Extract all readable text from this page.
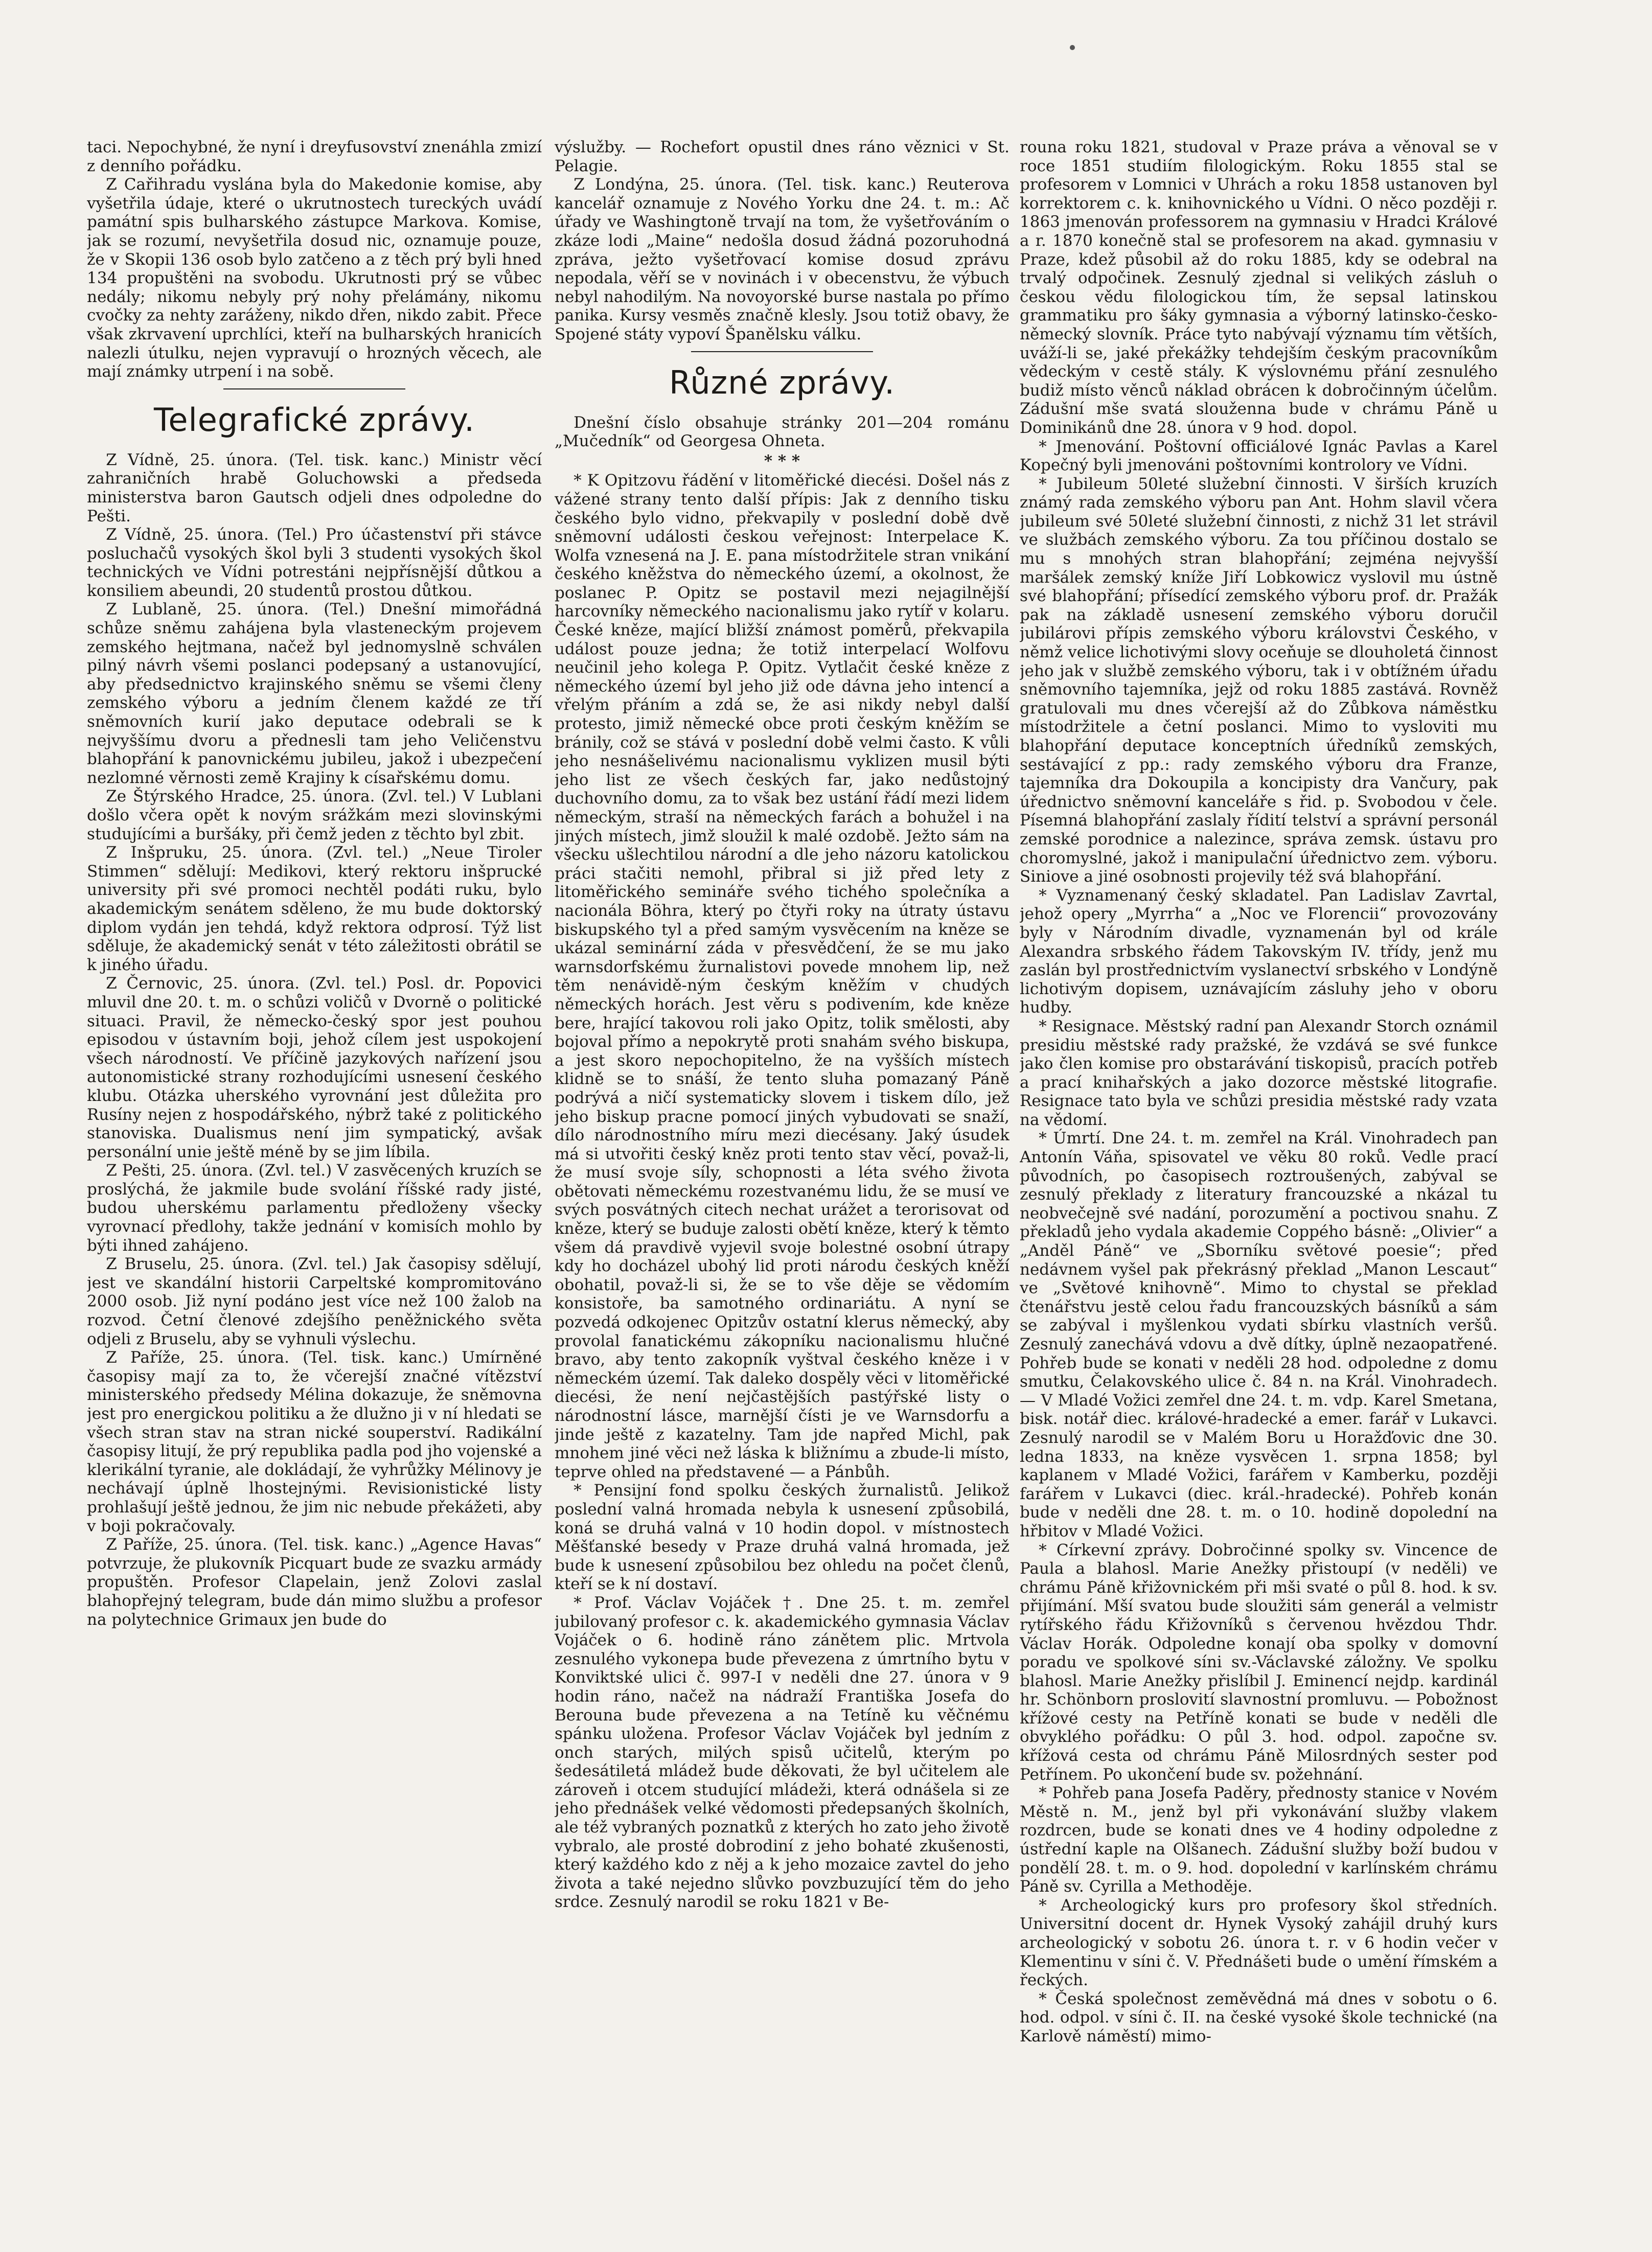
taci. Nepochybné, že nyní i dreyfusovství znenáhla zmizí z denního pořádku.

Z Cařihradu vyslána byla do Makedonie komise, aby vyšetřila údaje, které o ukrutnostech tureckých uvádí památní spis bulharského zástupce Markova. Komise, jak se rozumí, nevyšetřila dosud nic, oznamuje pouze, že v Skopii 136 osob bylo zatčeno a z těch prý byli hned 134 propuštěni na svobodu. Ukrutnosti prý se vůbec nedály; nikomu nebyly prý nohy přelámány, nikomu cvočky za nehty zaráženy, nikdo dřen, nikdo zabit. Přece však zkrvavení uprchlíci, kteří na bulharských hranicích nalezli útulku, nejen vypravují o hrozných věcech, ale mají známky utrpení i na sobě.

Telegrafické zprávy.

Z Vídně, 25. února. (Tel. tisk. kanc.) Ministr věcí zahraničních hrabě Goluchowski a předseda ministerstva baron Gautsch odjeli dnes odpoledne do Pešti.

Z Vídně, 25. února. (Tel.) Pro účastenství při stávce posluchačů vysokých škol byli 3 studenti vysokých škol technických ve Vídni potrestáni nejpřísnější důtkou a konsiliem abeundi, 20 studentů prostou důtkou.

Z Lublaně, 25. února. (Tel.) Dnešní mimořádná schůze sněmu zahájena byla vlasteneckým projevem zemského hejtmana, načež byl jednomyslně schválen pilný návrh všemi poslanci podepsaný a ustanovující, aby předsednictvo krajinského sněmu se všemi členy zemského výboru a jedním členem každé ze tří sněmovních kurií jako deputace odebrali se k nejvyššímu dvoru a přednesli tam jeho Veličenstvu blahopřání k panovnickému jubileu, jakož i ubezpečení nezlomné věrnosti země Krajiny k císařskému domu.

Ze Štýrského Hradce, 25. února. (Zvl. tel.) V Lublani došlo včera opět k novým srážkám mezi slovinskými studujícími a buršáky, při čemž jeden z těchto byl zbit.

Z Inšpruku, 25. února. (Zvl. tel.) „Neue Tiroler Stimmen“ sdělují: Medikovi, který rektoru inšprucké university při své promoci nechtěl podáti ruku, bylo akademickým senátem sděleno, že mu bude doktorský diplom vydán jen tehdá, když rektora odprosí. Týž list sděluje, že akademický senát v této záležitosti obrátil se k jiného úřadu.

Z Černovic, 25. února. (Zvl. tel.) Posl. dr. Popovici mluvil dne 20. t. m. o schůzi voličů v Dvorně o politické situaci. Pravil, že německo-český spor jest pouhou episodou v ústavním boji, jehož cílem jest uspokojení všech národností. Ve příčině jazykových nařízení jsou autonomistické strany rozhodujícími usnesení českého klubu. Otázka uherského vyrovnání jest důležita pro Rusíny nejen z hospodářského, nýbrž také z politického stanoviska. Dualismus není jim sympatický, avšak personální unie ještě méně by se jim líbila.

Z Pešti, 25. února. (Zvl. tel.) V zasvěcených kruzích se proslýchá, že jakmile bude svolání říšské rady jisté, budou uherskému parlamentu předloženy všecky vyrovnací předlohy, takže jednání v komisích mohlo by býti ihned zahájeno.

Z Bruselu, 25. února. (Zvl. tel.) Jak časopisy sdělují, jest ve skandální historii Carpeltské kompromitováno 2000 osob. Již nyní podáno jest více než 100 žalob na rozvod. Četní členové zdejšího peněžnického světa odjeli z Bruselu, aby se vyhnuli výslechu.

Z Paříže, 25. února. (Tel. tisk. kanc.) Umírněné časopisy mají za to, že včerejší značné vítězství ministerského předsedy Mélina dokazuje, že sněmovna jest pro energickou politiku a že dlužno ji v ní hledati se všech stran stav na stran nické souperství. Radikální časopisy litují, že prý republika padla pod jho vojenské a klerikální tyranie, ale dokládají, že vyhrůžky Mélinovy je nechávají úplně lhostejnými. Revisionistické listy prohlašují ještě jednou, že jim nic nebude překážeti, aby v boji pokračovaly.

Z Paříže, 25. února. (Tel. tisk. kanc.) „Agence Havas“ potvrzuje, že plukovník Picquart bude ze svazku armády propuštěn. Profesor Clapelain, jenž Zolovi zaslal blahopřejný telegram, bude dán mimo službu a profesor na polytechnice Grimaux jen bude do

výslužby. — Rochefort opustil dnes ráno věznici v St. Pelagie.

Z Londýna, 25. února. (Tel. tisk. kanc.) Reuterova kancelář oznamuje z Nového Yorku dne 24. t. m.: Ač úřady ve Washingtoně trvají na tom, že vyšetřováním o zkáze lodi „Maine“ nedošla dosud žádná pozoruhodná zpráva, ježto vyšetřovací komise dosud zprávu nepodala, věří se v novinách i v obecenstvu, že výbuch nebyl nahodilým. Na novoyorské burse nastala po přímo panika. Kursy vesměs značně klesly. Jsou totiž obavy, že Spojené státy vypoví Španělsku válku.

Různé zprávy.

Dnešní číslo obsahuje stránky 201—204 románu „Mučedník“ od Georgesa Ohneta.

* * *

* K Opitzovu řádění v litoměřické diecési. Došel nás z vážené strany tento další přípis: Jak z denního tisku českého bylo vidno, překvapily v poslední době dvě sněmovní události českou veřejnost: Interpelace K. Wolfa vznesená na J. E. pana místodržitele stran vnikání českého kněžstva do německého území, a okolnost, že poslanec P. Opitz se postavil mezi nejagilnější harcovníky německého nacionalismu jako rytíř v kolaru. České kněze, mající bližší známost poměrů, překvapila událost pouze jedna; že totiž interpelací Wolfovu neučinil jeho kolega P. Opitz. Vytlačit české kněze z německého území byl jeho již ode dávna jeho intencí a vřelým přáním a zdá se, že asi nikdy nebyl další protesto, jimiž německé obce proti českým kněžím se bránily, což se stává v poslední době velmi často. K vůli jeho nesnášelivému nacionalismu vyklizen musil býti jeho list ze všech českých far, jako nedůstojný duchovního domu, za to však bez ustání řádí mezi lidem německým, straší na německých farách a bohužel i na jiných místech, jimž sloužil k malé ozdobě. Ježto sám na všecku ušlechtilou národní a dle jeho názoru katolickou práci stačiti nemohl, přibral si již před lety z litoměřického semináře svého tichého společníka a nacionála Böhra, který po čtyři roky na útraty ústavu biskupského tyl a před samým vysvěcením na kněze se ukázal seminární záda v přesvědčení, že se mu jako warnsdorfskému žurnalistovi povede mnohem lip, než těm nenávidě-ným českým kněžím v chudých německých horách. Jest věru s podivením, kde kněze bere, hrající takovou roli jako Opitz, tolik smělosti, aby bojoval přímo a nepokrytě proti snahám svého biskupa, a jest skoro nepochopitelno, že na vyšších místech klidně se to snáší, že tento sluha pomazaný Páně podrývá a ničí systematicky slovem i tiskem dílo, jež jeho biskup pracne pomocí jiných vybudovati se snaží, dílo národnostního míru mezi diecésany. Jaký úsudek má si utvořiti český kněz proti tento stav věcí, považ-li, že musí svoje síly, schopnosti a léta svého života obětovati německému rozestvanému lidu, že se musí ve svých posvátných citech nechat urážet a terorisovat od kněze, který se buduje zalosti obětí kněze, který k těmto všem dá pravdivě vyjevil svoje bolestné osobní útrapy kdy ho docházel ubohý lid proti národu českých kněží obohatil, považ-li si, že se to vše děje se vědomím konsistoře, ba samotného ordinariátu. A nyní se pozvedá odkojenec Opitzův ostatní klerus německý, aby provolal fanatickému zákopníku nacionalismu hlučné bravo, aby tento zakopník vyštval českého kněze i v německém území. Tak daleko dospěly věci v litoměřické diecési, že není nejčastějších pastýřské listy o národnostní lásce, marnější čísti je ve Warnsdorfu a jinde ještě z kazatelny. Tam jde napřed Michl, pak mnohem jiné věci než láska k bližnímu a zbude-li místo, teprve ohled na představené — a Pánbůh.

* Pensijní fond spolku českých žurnalistů. Jelikož poslední valná hromada nebyla k usnesení způsobilá, koná se druhá valná v 10 hodin dopol. v místnostech Měšťanské besedy v Praze druhá valná hromada, jež bude k usnesení způsobilou bez ohledu na počet členů, kteří se k ní dostaví.

* Prof. Václav Vojáček †. Dne 25. t. m. zemřel jubilovaný profesor c. k. akademického gymnasia Václav Vojáček o 6. hodině ráno zánětem plic. Mrtvola zesnulého vykonepa bude převezena z úmrtního bytu v Konviktské ulici č. 997-I v neděli dne 27. února v 9 hodin ráno, načež na nádraží Františka Josefa do Berouna bude převezena a na Tetíně ku věčnému spánku uložena. Profesor Václav Vojáček byl jedním z onch starých, milých spisů učitelů, kterým po šedesátiletá mládež bude děkovati, že byl učitelem ale zároveň i otcem studující mládeži, která odnášela si ze jeho přednášek velké vědomosti předepsaných školních, ale též vybraných poznatků z kterých ho zato jeho životě vybralo, ale prosté dobrodiní z jeho bohaté zkušenosti, který každého kdo z něj a k jeho mozaice zavtel do jeho života a také nejedno slůvko povzbuzující těm do jeho srdce. Zesnulý narodil se roku 1821 v Be-

rouna roku 1821, studoval v Praze práva a věnoval se v roce 1851 studiím filologickým. Roku 1855 stal se profesorem v Lomnici v Uhrách a roku 1858 ustanoven byl korrektorem c. k. knihovnického u Vídni. O něco později r. 1863 jmenován professorem na gymnasiu v Hradci Králové a r. 1870 konečně stal se profesorem na akad. gymnasiu v Praze, kdež působil až do roku 1885, kdy se odebral na trvalý odpočinek. Zesnulý zjednal si velikých zásluh o českou vědu filologickou tím, že sepsal latinskou grammatiku pro šáky gymnasia a výborný latinsko-česko-německý slovník. Práce tyto nabývají významu tím větších, uváží-li se, jaké překážky tehdejším českým pracovníkům vědeckým v cestě stály. K výslovnému přání zesnulého budiž místo věnců náklad obrácen k dobročinným účelům. Zádušní mše svatá slouženna bude v chrámu Páně u Dominikánů dne 28. února v 9 hod. dopol.

* Jmenování. Poštovní officiálové Ignác Pavlas a Karel Kopečný byli jmenováni poštovními kontrolory ve Vídni.

* Jubileum 50leté služební činnosti. V širších kruzích známý rada zemského výboru pan Ant. Hohm slavil včera jubileum své 50leté služební činnosti, z nichž 31 let strávil ve službách zemského výboru. Za tou příčinou dostalo se mu s mnohých stran blahopřání; zejména nejvyšší maršálek zemský kníže Jiří Lobkowicz vyslovil mu ústně své blahopřání; přísedící zemského výboru prof. dr. Pražák pak na základě usnesení zemského výboru doručil jubilárovi přípis zemského výboru královstvi Českého, v němž velice lichotivými slovy oceňuje se dlouholetá činnost jeho jak v službě zemského výboru, tak i v obtížném úřadu sněmovního tajemníka, jejž od roku 1885 zastává. Rovněž gratulovali mu dnes včerejší až do Zůbkova náměstku místodržitele a četní poslanci. Mimo to vysloviti mu blahopřání deputace konceptních úředníků zemských, sestávající z pp.: rady zemského výboru dra Franze, tajemníka dra Dokoupila a koncipisty dra Vančury, pak úřednictvo sněmovní kanceláře s řid. p. Svobodou v čele. Písemná blahopřání zaslaly řídití telství a správní personál zemské porodnice a nalezince, správa zemsk. ústavu pro choromyslné, jakož i manipulační úřednictvo zem. výboru. Siniove a jiné osobnosti projevily též svá blahopřání.

* Vyznamenaný český skladatel. Pan Ladislav Zavrtal, jehož opery „Myrrha“ a „Noc ve Florencii“ provozovány byly v Národním divadle, vyznamenán byl od krále Alexandra srbského řádem Takovským IV. třídy, jenž mu zaslán byl prostřednictvím vyslanectví srbského v Londýně lichotivým dopisem, uznávajícím zásluhy jeho v oboru hudby.

* Resignace. Městský radní pan Alexandr Storch oznámil presidiu městské rady pražské, že vzdává se své funkce jako člen komise pro obstarávání tiskopisů, pracích potřeb a prací knihařských a jako dozorce městské litografie. Resignace tato byla ve schůzi presidia městské rady vzata na vědomí.

* Úmrtí. Dne 24. t. m. zemřel na Král. Vinohradech pan Antonín Váňa, spisovatel ve věku 80 roků. Vedle prací původních, po časopisech roztroušených, zabýval se zesnulý překlady z literatury francouzské a nkázal tu neobvečejně své nadání, porozumění a poctivou snahu. Z překladů jeho vydala akademie Coppého básně: „Olivier“ a „Anděl Páně“ ve „Sborníku světové poesie“; před nedávnem vyšel pak překrásný překlad „Manon Lescaut“ ve „Světové knihovně“. Mimo to chystal se překlad čtenářstvu jestě celou řadu francouzských básníků a sám se zabýval i myšlenkou vydati sbírku vlastních veršů. Zesnulý zanechává vdovu a dvě dítky, úplně nezaopatřené. Pohřeb bude se konati v neděli 28 hod. odpoledne z domu smutku, Čelakovského ulice č. 84 n. na Král. Vinohradech. — V Mladé Vožici zemřel dne 24. t. m. vdp. Karel Smetana, bisk. notář diec. králové-hradecké a emer. farář v Lukavci. Zesnulý narodil se v Malém Boru u Horažďovic dne 30. ledna 1833, na kněze vysvěcen 1. srpna 1858; byl kaplanem v Mladé Vožici, farářem v Kamberku, později farářem v Lukavci (diec. král.-hradecké). Pohřeb konán bude v neděli dne 28. t. m. o 10. hodině dopolední na hřbitov v Mladé Vožici.

* Církevní zprávy. Dobročinné spolky sv. Vincence de Paula a blahosl. Marie Anežky přistoupí (v neděli) ve chrámu Páně křižovnickém při mši svaté o půl 8. hod. k sv. přijímání. Mší svatou bude sloužiti sám generál a velmistr rytířského řádu Křižovníků s červenou hvězdou Thdr. Václav Horák. Odpoledne konají oba spolky v domovní poradu ve spolkové síni sv.-Václavské záložny. Ve spolku blahosl. Marie Anežky přislíbil J. Eminencí nejdp. kardinál hr. Schönborn proslovití slavnostní promluvu. — Pobožnost křížové cesty na Petříně konati se bude v neděli dle obvyklého pořádku: O půl 3. hod. odpol. započne sv. křížová cesta od chrámu Páně Milosrdných sester pod Petřínem. Po ukončení bude sv. požehnání.

* Pohřeb pana Josefa Paděry, přednosty stanice v Novém Městě n. M., jenž byl při vykonávání služby vlakem rozdrcen, bude se konati dnes ve 4 hodiny odpoledne z ústřední kaple na Olšanech. Zádušní služby boží budou v pondělí 28. t. m. o 9. hod. dopolední v karlínském chrámu Páně sv. Cyrilla a Methoděje.

* Archeologický kurs pro profesory škol středních. Universitní docent dr. Hynek Vysoký zahájil druhý kurs archeologický v sobotu 26. února t. r. v 6 hodin večer v Klementinu v síni č. V. Přednášeti bude o umění římském a řeckých.

* Česká společnost zeměvědná má dnes v sobotu o 6. hod. odpol. v síni č. II. na české vysoké škole technické (na Karlově náměstí) mimo-
